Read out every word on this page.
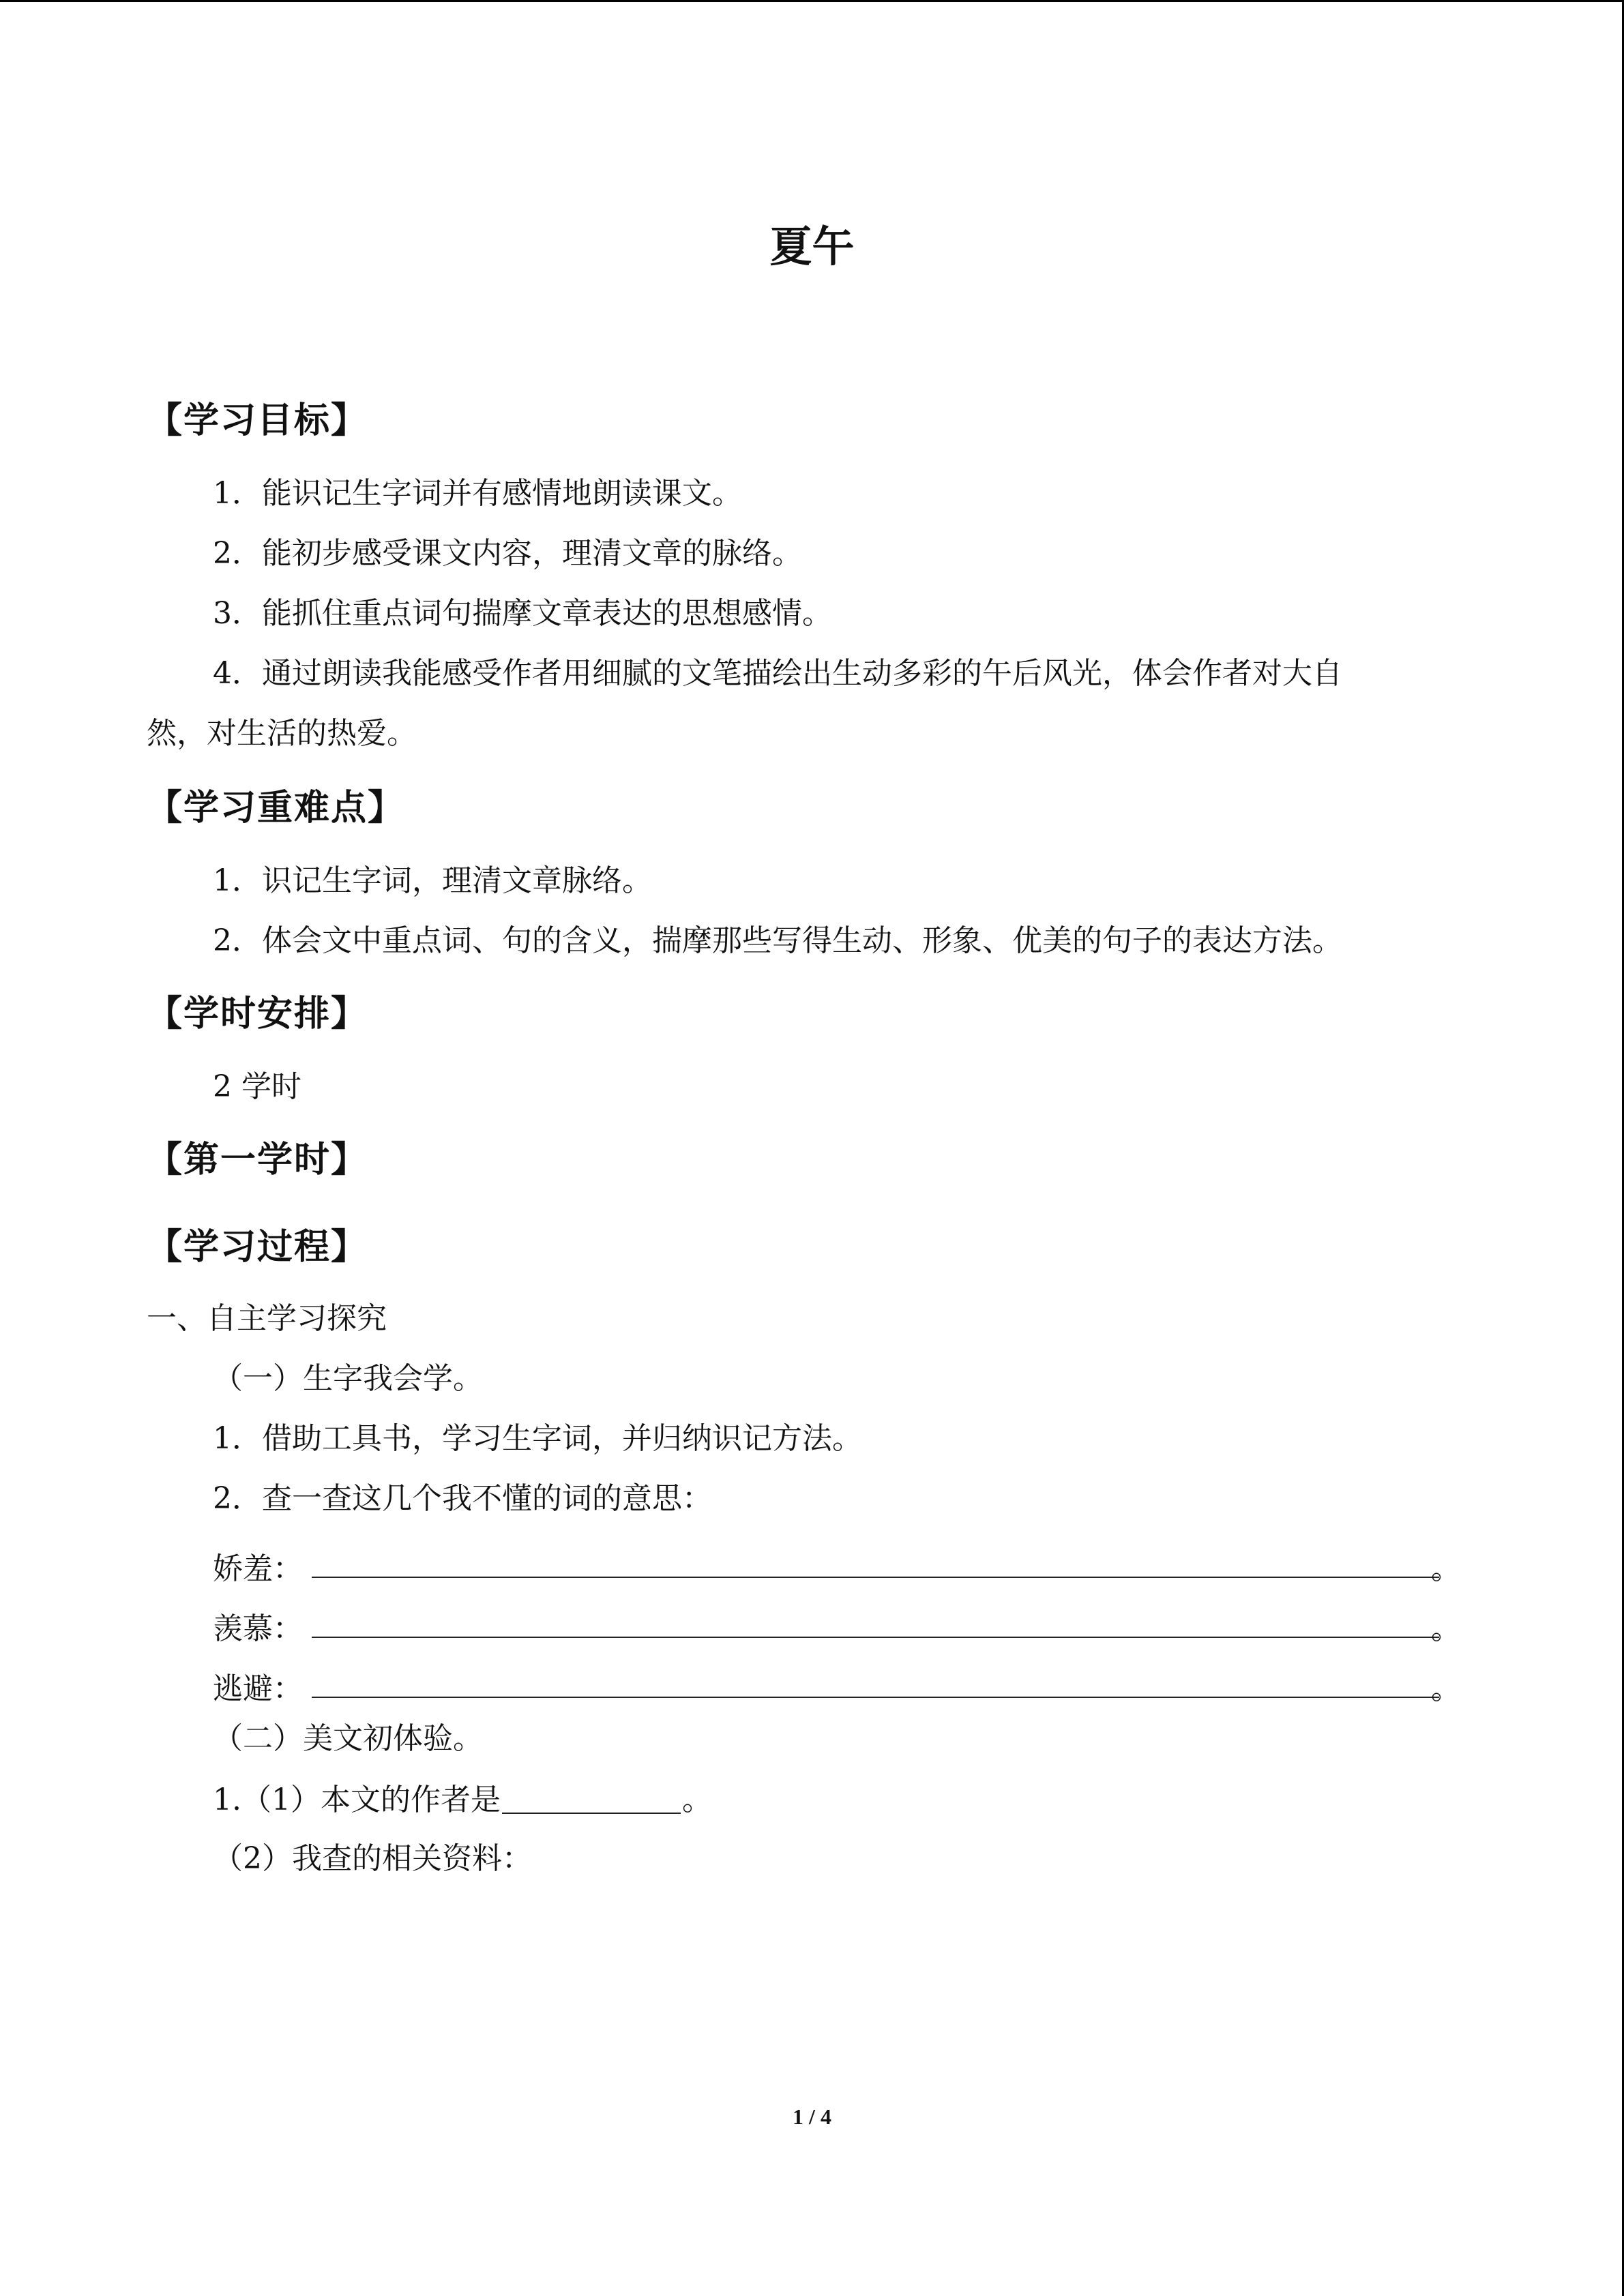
夏午
【学习目标】
1．能识记生字词并有感情地朗读课文。
2．能初步感受课文内容，理清文章的脉络。
3．能抓住重点词句揣摩文章表达的思想感情。
4．通过朗读我能感受作者用细腻的文笔描绘出生动多彩的午后风光，体会作者对大自
然，对生活的热爱。
【学习重难点】
1．识记生字词，理清文章脉络。
2．体会文中重点词、句的含义，揣摩那些写得生动、形象、优美的句子的表达方法。
【学时安排】
2 学时
【第一学时】
【学习过程】
一、自主学习探究
（一）生字我会学。
1．借助工具书，学习生字词，并归纳识记方法。
2．查一查这几个我不懂的词的意思：
娇羞：	。
羡慕：	。
逃避：	。
（二）美文初体验。
1.（1）本文的作者是	。
（2）我查的相关资料：
1 / 4
